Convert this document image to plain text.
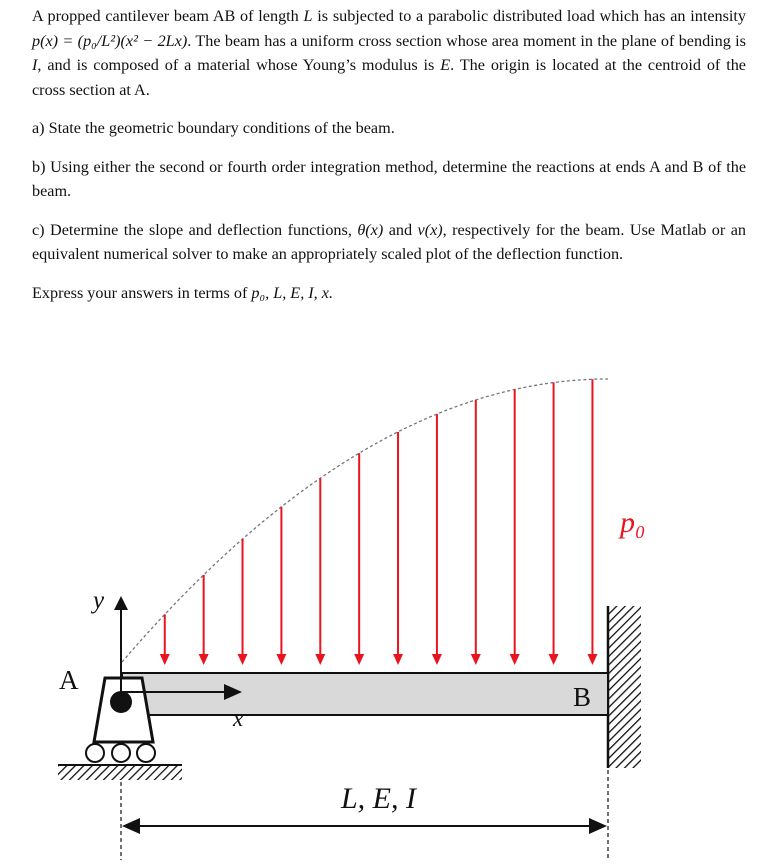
A propped cantilever beam AB of length L is subjected to a parabolic distributed load which has an intensity p(x) = (p₀/L²)(x² − 2Lx). The beam has a uniform cross section whose area moment in the plane of bending is I, and is composed of a material whose Young’s modulus is E. The origin is located at the centroid of the cross section at A.

a) State the geometric boundary conditions of the beam.

b) Using either the second or fourth order integration method, determine the reactions at ends A and B of the beam.

c) Determine the slope and deflection functions, θ(x) and v(x), respectively for the beam. Use Matlab or an equivalent numerical solver to make an appropriately scaled plot of the deflection function.

Express your answers in terms of p₀, L, E, I, x.

A
B
y
x
p₀
L, E, I
